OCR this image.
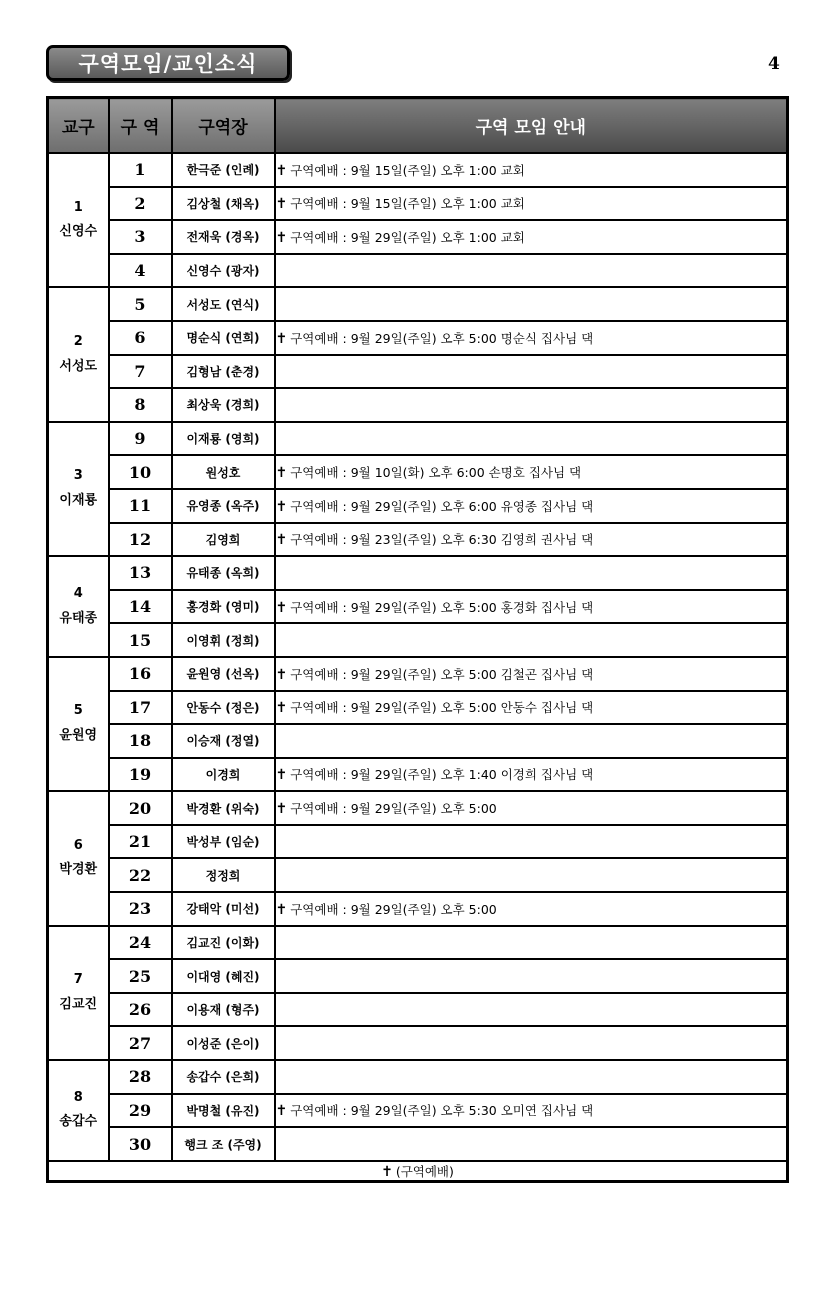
구역모임/교인소식	4
교구	구 역	구역장	구역 모임 안내

1
신영수	1	한극준 (인례)	✝ 구역예배 : 9월 15일(주일) 오후 1:00 교회
	2	김상철 (채옥)	✝ 구역예배 : 9월 15일(주일) 오후 1:00 교회
	3	전재욱 (경옥)	✝ 구역예배 : 9월 29일(주일) 오후 1:00 교회
	4	신영수 (광자)	

2
서성도	5	서성도 (연식)	
	6	명순식 (연희)	✝ 구역예배 : 9월 29일(주일) 오후 5:00 명순식 집사님 댁
	7	김형남 (춘경)	
	8	최상욱 (경희)	

3
이재룡	9	이재룡 (영희)	
	10	원성호	✝ 구역예배 : 9월 10일(화) 오후 6:00 손명호 집사님 댁
	11	유영종 (옥주)	✝ 구역예배 : 9월 29일(주일) 오후 6:00 유영종 집사님 댁
	12	김영희	✝ 구역예배 : 9월 23일(주일) 오후 6:30 김영희 권사님 댁

4
유태종	13	유태종 (옥희)	
	14	홍경화 (영미)	✝ 구역예배 : 9월 29일(주일) 오후 5:00 홍경화 집사님 댁
	15	이영휘 (정희)	

5
윤원영	16	윤원영 (선옥)	✝ 구역예배 : 9월 29일(주일) 오후 5:00 김철곤 집사님 댁
	17	안동수 (정은)	✝ 구역예배 : 9월 29일(주일) 오후 5:00 안동수 집사님 댁
	18	이승재 (정열)	
	19	이경희	✝ 구역예배 : 9월 29일(주일) 오후 1:40 이경희 집사님 댁

6
박경환	20	박경환 (위숙)	✝ 구역예배 : 9월 29일(주일) 오후 5:00
	21	박성부 (임순)	
	22	정정희	
	23	강태악 (미선)	✝ 구역예배 : 9월 29일(주일) 오후 5:00

7
김교진	24	김교진 (이화)	
	25	이대영 (혜진)	
	26	이용재 (형주)	
	27	이성준 (은이)	

8
송갑수	28	송갑수 (은희)	
	29	박명철 (유진)	✝ 구역예배 : 9월 29일(주일) 오후 5:30 오미연 집사님 댁
	30	행크 조 (주영)	
✝ (구역예배)			
